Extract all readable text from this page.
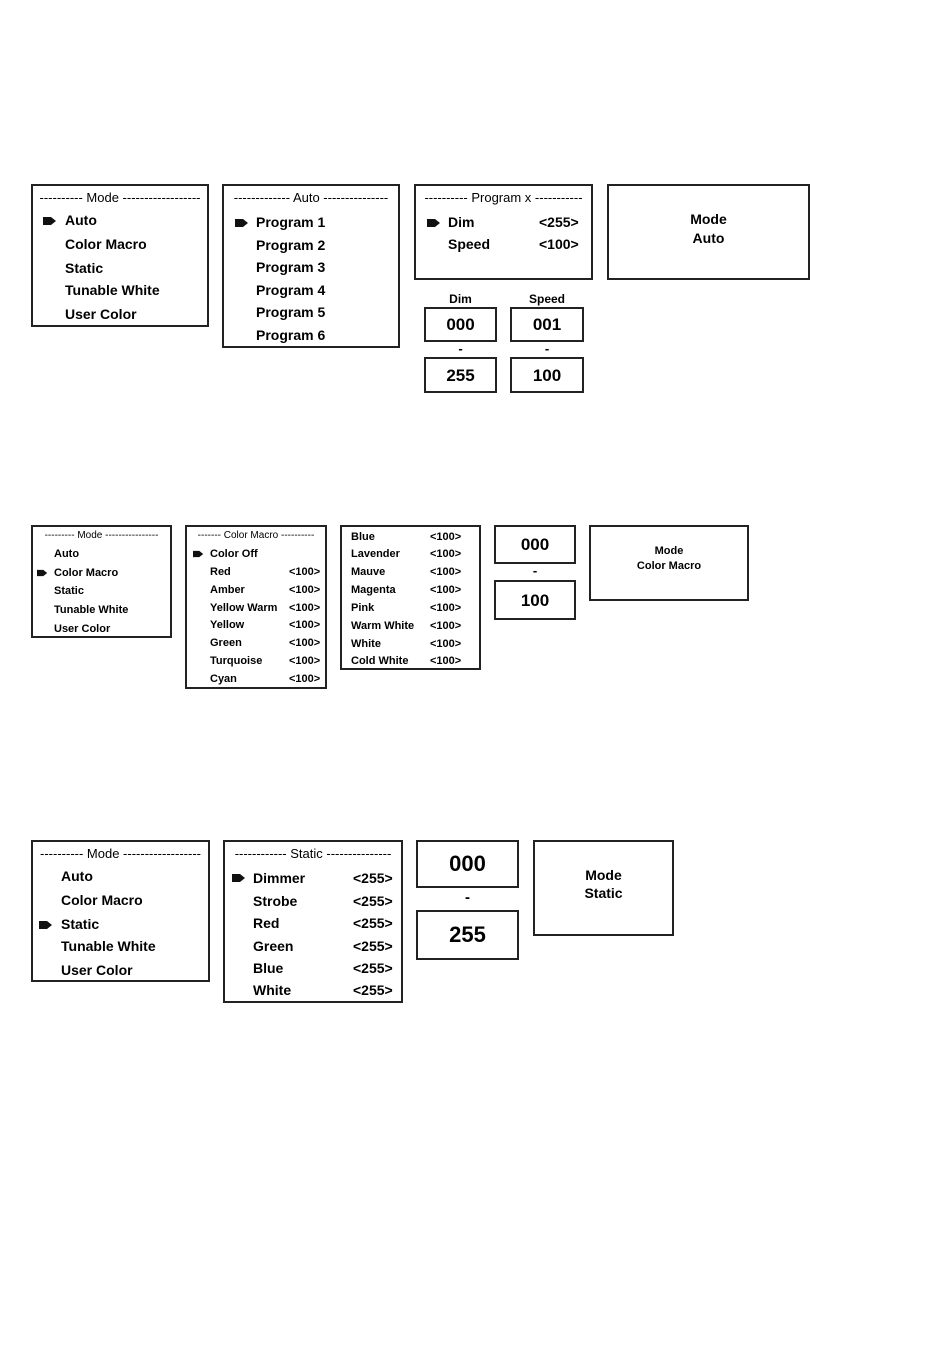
---------- Mode ------------------
Auto
Color Macro
Static
Tunable White
User Color
------------- Auto ---------------
Program 1
Program 2
Program 3
Program 4
Program 5
Program 6
---------- Program x -----------
Dim	<255>
Speed	<100>
Dim	Speed
000	001
-	-
255	100
Mode
Auto
--------- Mode ----------------
Auto
Color Macro
Static
Tunable White
User Color
------- Color Macro ----------
Color Off
Red	<100>
Amber	<100>
Yellow Warm <100>
Yellow	<100>
Green	<100>
Turquoise <100>
Cyan	<100>
Blue	<100>
Lavender	<100>
Mauve	<100>
Magenta	<100>
Pink	<100>
Warm White <100>
White	<100>
Cold White <100>
000
-
100
Mode
Color Macro
---------- Mode ------------------
Auto
Color Macro
Static
Tunable White
User Color
------------ Static ---------------
Dimmer	<255>
Strobe	<255>
Red	<255>
Green	<255>
Blue	<255>
White	<255>
000
-
255
Mode
Static
